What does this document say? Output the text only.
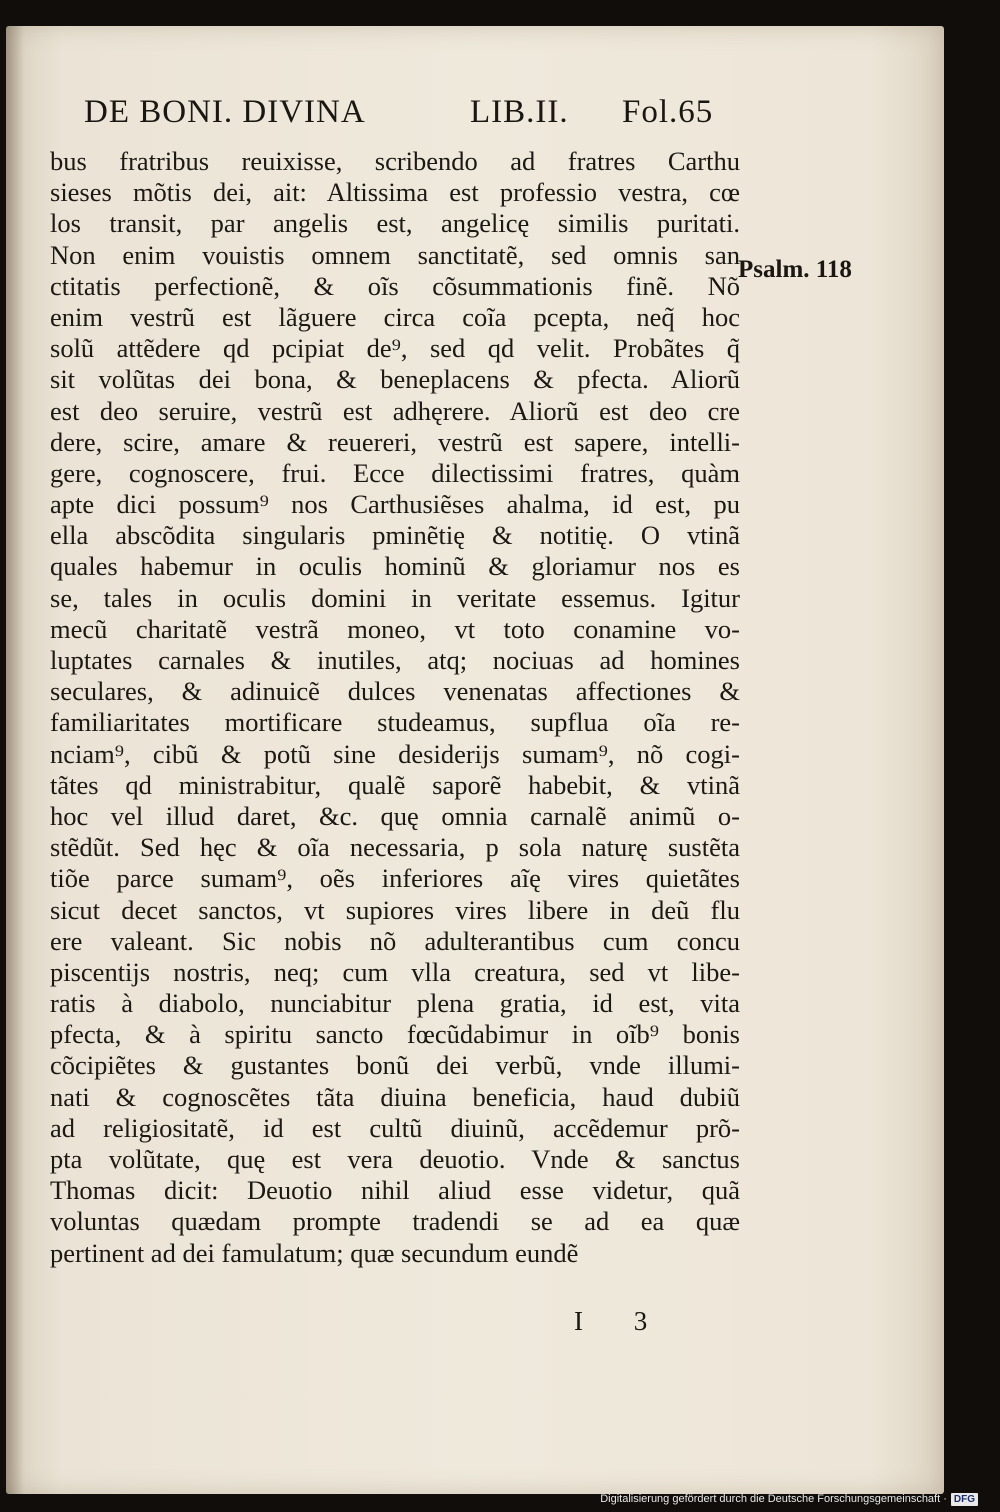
DE BONI. DIVINA	LIB.II. Fol.65
bus fratribus reuixisse, scribendo ad fratres Carthu
sieses mõtis dei, ait: Altissima est professio vestra, cœ
los transit, par angelis est, angelicę similis puritati.
Non enim vouistis omnem sanctitatẽ, sed omnis san
ctitatis perfectionẽ, & oĩs cõsummationis finẽ. Nõ
enim vestrũ est lãguere circa coĩa pcepta, neq̃ hoc
solũ attẽdere qd pcipiat de⁹, sed qd velit. Probãtes q̃
sit volũtas dei bona, & beneplacens & pfecta. Aliorũ
est deo seruire, vestrũ est adhęrere. Aliorũ est deo cre
dere, scire, amare & reuereri, vestrũ est sapere, intelli-
gere, cognoscere, frui. Ecce dilectissimi fratres, quàm
apte dici possum⁹ nos Carthusiẽses ahalma, id est, pu
ella abscõdita singularis pminẽtię & notitię. O vtinã
quales habemur in oculis hominũ & gloriamur nos es
se, tales in oculis domini in veritate essemus. Igitur
mecũ charitatẽ vestrã moneo, vt toto conamine vo-
luptates carnales & inutiles, atq; nociuas ad homines
seculares, & adinuicẽ dulces venenatas affectiones &
familiaritates mortificare studeamus, supflua oĩa re-
nciam⁹, cibũ & potũ sine desiderijs sumam⁹, nõ cogi-
tãtes qd ministrabitur, qualẽ saporẽ habebit, & vtinã
hoc vel illud daret, &c. quę omnia carnalẽ animũ o-
stẽdũt. Sed hęc & oĩa necessaria, p sola naturę sustẽta
tiõe parce sumam⁹, oẽs inferiores aĩę vires quietãtes
sicut decet sanctos, vt supiores vires libere in deũ flu
ere valeant. Sic nobis nõ adulterantibus cum concu
piscentijs nostris, neq; cum vlla creatura, sed vt libe-
ratis à diabolo, nunciabitur plena gratia, id est, vita
pfecta, & à spiritu sancto fœcũdabimur in oĩb⁹ bonis
cõcipiẽtes & gustantes bonũ dei verbũ, vnde illumi-
nati & cognoscẽtes tãta diuina beneficia, haud dubiũ
ad religiositatẽ, id est cultũ diuinũ, accẽdemur prõ-
pta volũtate, quę est vera deuotio. Vnde & sanctus
Thomas dicit: Deuotio nihil aliud esse videtur, quã
voluntas quædam prompte tradendi se ad ea quæ
pertinent ad dei famulatum; quæ secundum eundẽ
Psalm. 118
I 3
Digitalisierung gefördert durch die Deutsche Forschungsgemeinschaft · DFG
